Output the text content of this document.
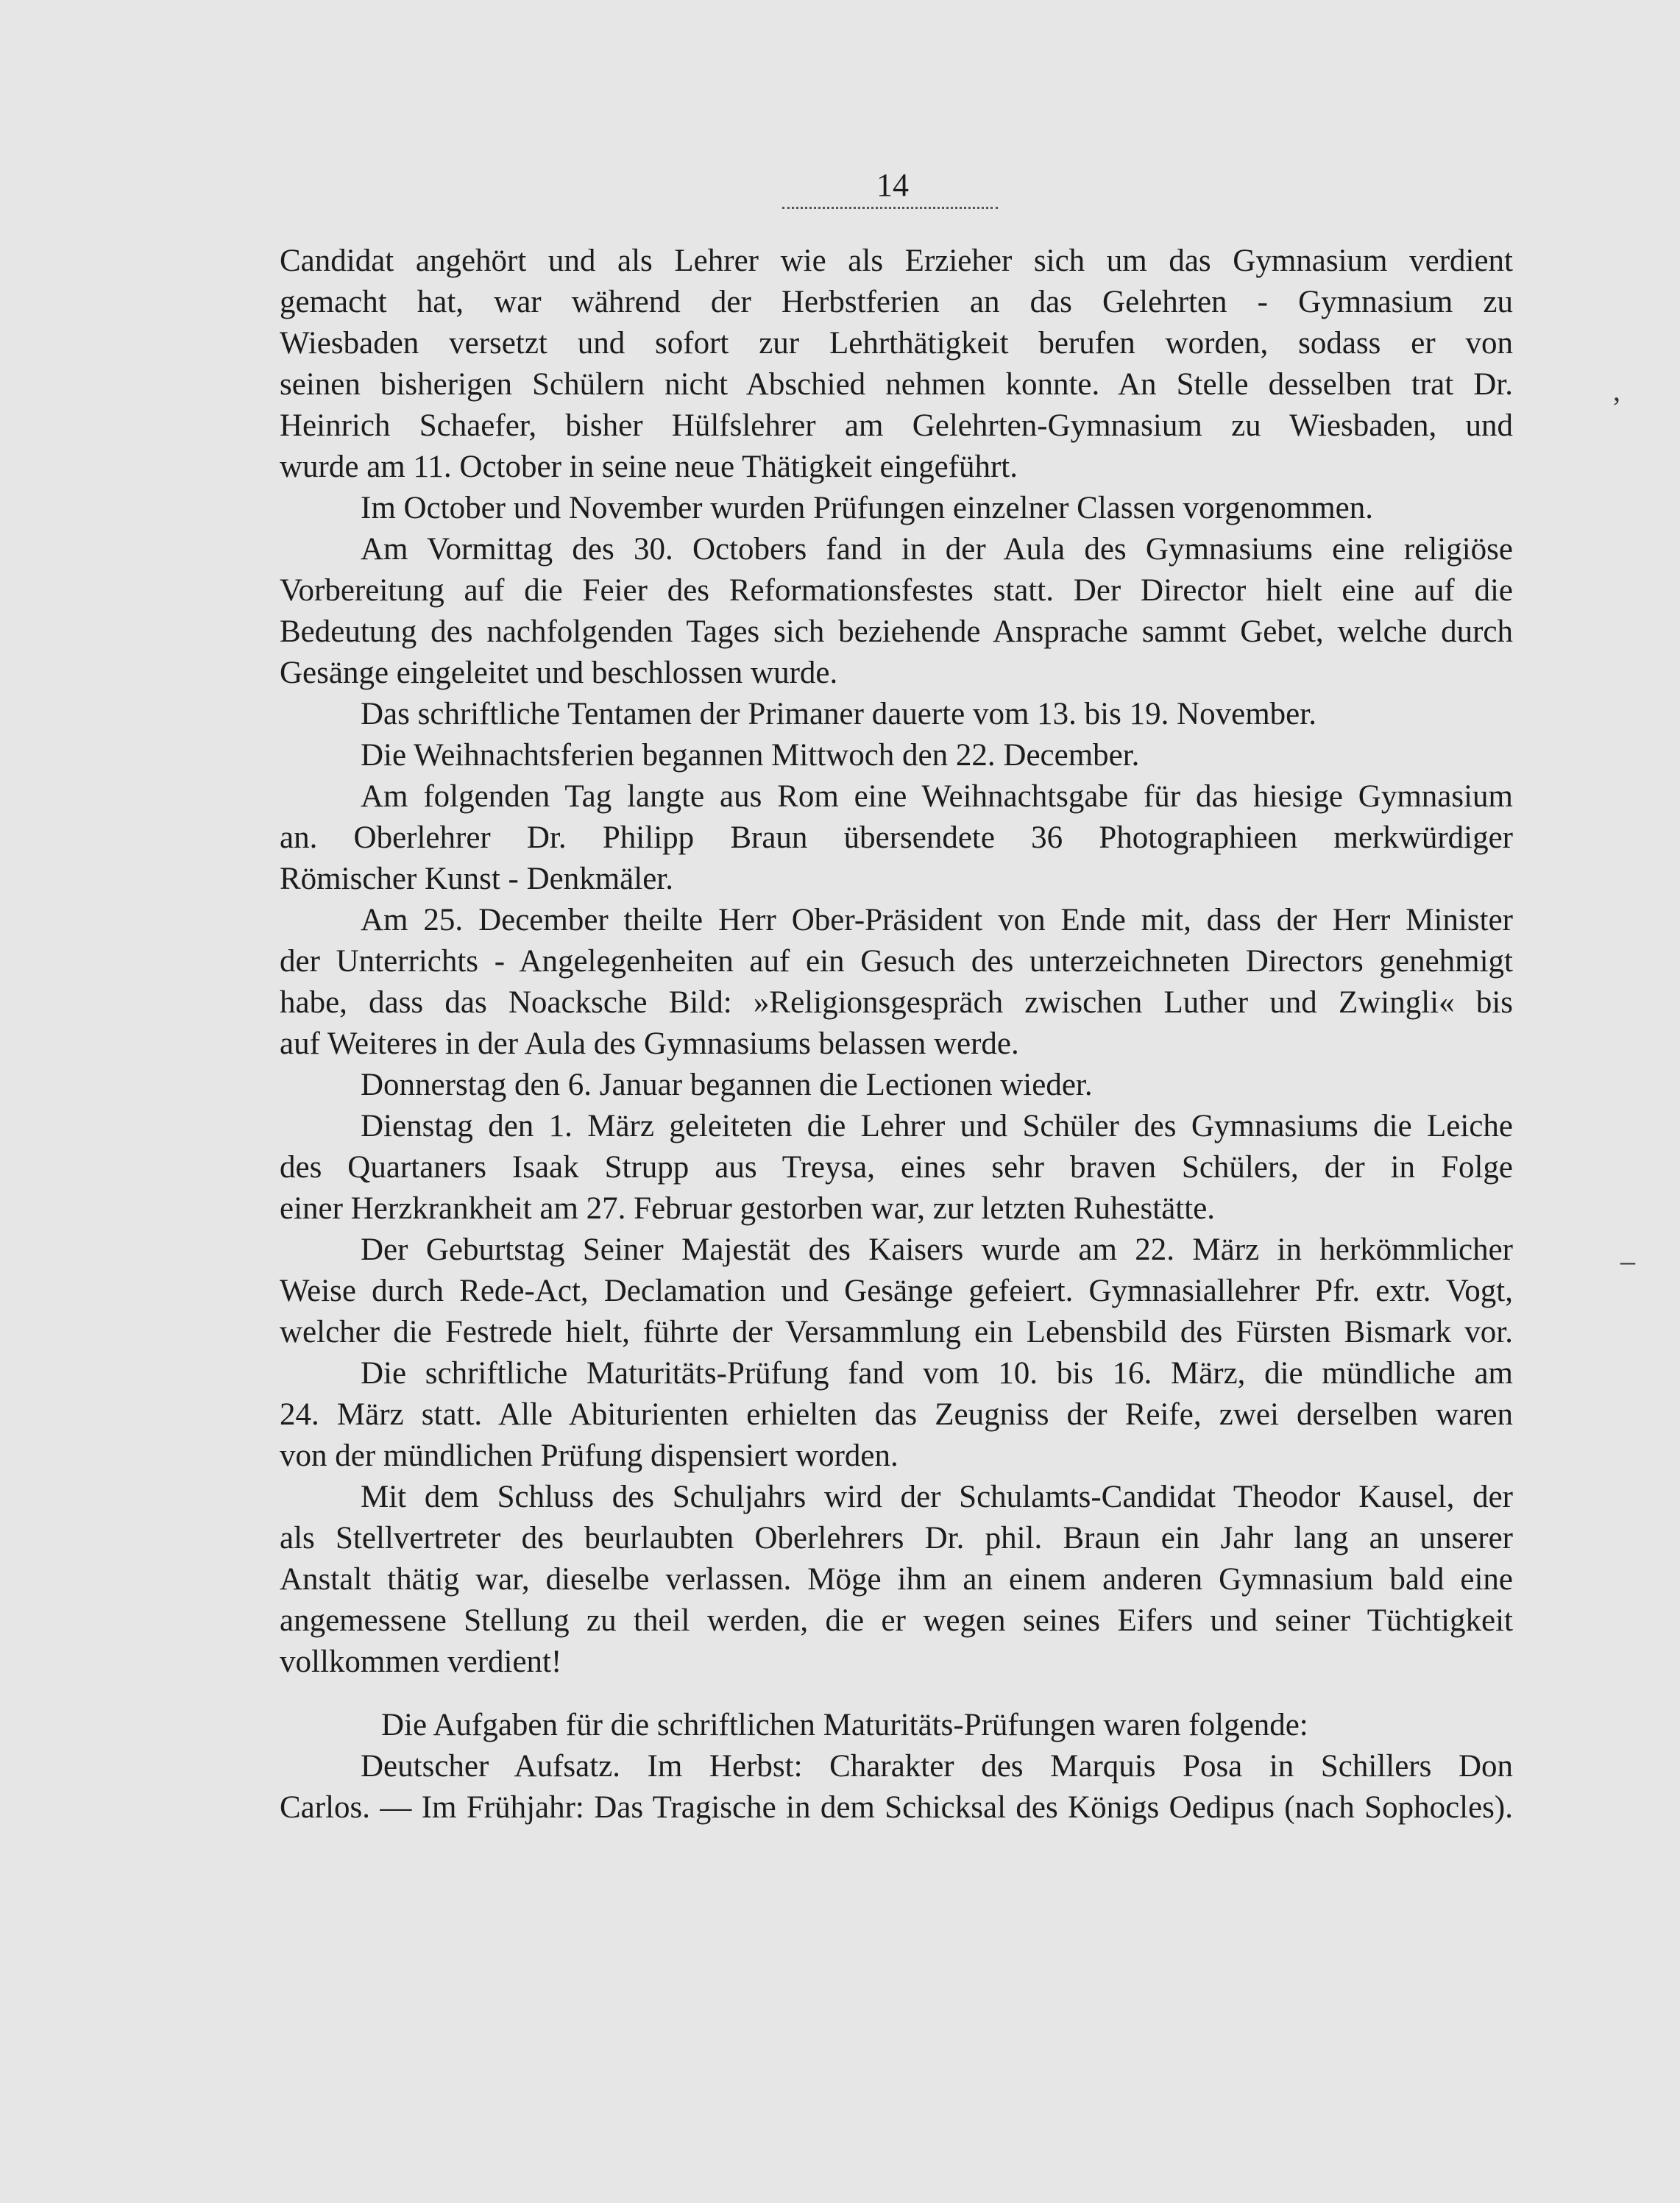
14
Candidat angehört und als Lehrer wie als Erzieher sich um das Gymnasium verdient
gemacht hat, war während der Herbstferien an das Gelehrten - Gymnasium zu
Wiesbaden versetzt und sofort zur Lehrthätigkeit berufen worden, sodass er von
seinen bisherigen Schülern nicht Abschied nehmen konnte. An Stelle desselben trat Dr.
Heinrich Schaefer, bisher Hülfslehrer am Gelehrten-Gymnasium zu Wiesbaden, und
wurde am 11. October in seine neue Thätigkeit eingeführt.
Im October und November wurden Prüfungen einzelner Classen vorgenommen.
Am Vormittag des 30. Octobers fand in der Aula des Gymnasiums eine religiöse
Vorbereitung auf die Feier des Reformationsfestes statt. Der Director hielt eine auf die
Bedeutung des nachfolgenden Tages sich beziehende Ansprache sammt Gebet, welche durch
Gesänge eingeleitet und beschlossen wurde.
Das schriftliche Tentamen der Primaner dauerte vom 13. bis 19. November.
Die Weihnachtsferien begannen Mittwoch den 22. December.
Am folgenden Tag langte aus Rom eine Weihnachtsgabe für das hiesige Gymnasium
an. Oberlehrer Dr. Philipp Braun übersendete 36 Photographieen merkwürdiger
Römischer Kunst - Denkmäler.
Am 25. December theilte Herr Ober-Präsident von Ende mit, dass der Herr Minister
der Unterrichts - Angelegenheiten auf ein Gesuch des unterzeichneten Directors genehmigt
habe, dass das Noacksche Bild: »Religionsgespräch zwischen Luther und Zwingli« bis
auf Weiteres in der Aula des Gymnasiums belassen werde.
Donnerstag den 6. Januar begannen die Lectionen wieder.
Dienstag den 1. März geleiteten die Lehrer und Schüler des Gymnasiums die Leiche
des Quartaners Isaak Strupp aus Treysa, eines sehr braven Schülers, der in Folge
einer Herzkrankheit am 27. Februar gestorben war, zur letzten Ruhestätte.
Der Geburtstag Seiner Majestät des Kaisers wurde am 22. März in herkömmlicher
Weise durch Rede-Act, Declamation und Gesänge gefeiert. Gymnasiallehrer Pfr. extr. Vogt,
welcher die Festrede hielt, führte der Versammlung ein Lebensbild des Fürsten Bismark vor.
Die schriftliche Maturitäts-Prüfung fand vom 10. bis 16. März, die mündliche am
24. März statt. Alle Abiturienten erhielten das Zeugniss der Reife, zwei derselben waren
von der mündlichen Prüfung dispensiert worden.
Mit dem Schluss des Schuljahrs wird der Schulamts-Candidat Theodor Kausel, der
als Stellvertreter des beurlaubten Oberlehrers Dr. phil. Braun ein Jahr lang an unserer
Anstalt thätig war, dieselbe verlassen. Möge ihm an einem anderen Gymnasium bald eine
angemessene Stellung zu theil werden, die er wegen seines Eifers und seiner Tüchtigkeit
vollkommen verdient!
Die Aufgaben für die schriftlichen Maturitäts-Prüfungen waren folgende:
Deutscher Aufsatz. Im Herbst: Charakter des Marquis Posa in Schillers Don
Carlos. — Im Frühjahr: Das Tragische in dem Schicksal des Königs Oedipus (nach Sophocles).
’
–
